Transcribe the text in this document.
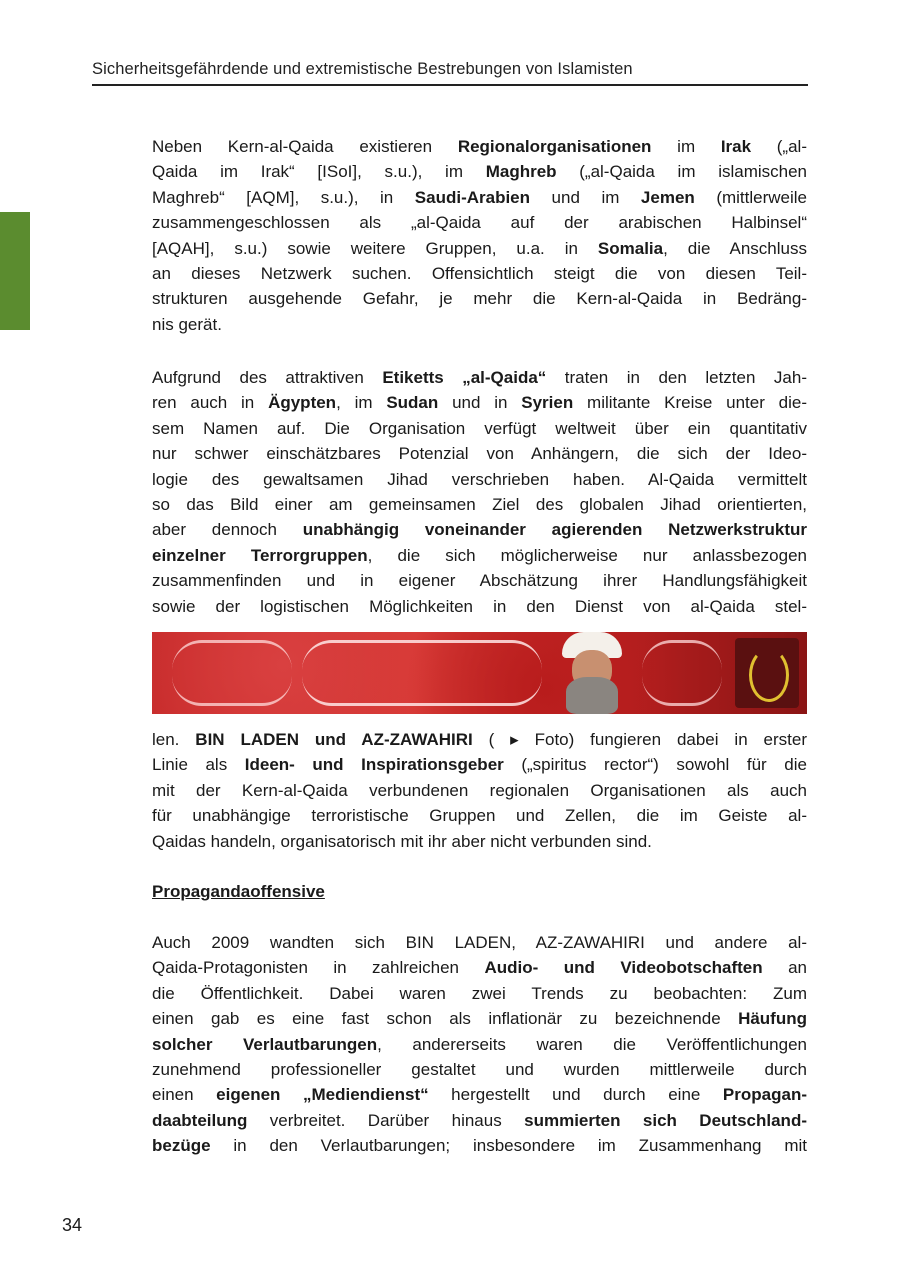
Sicherheitsgefährdende und extremistische Bestrebungen von Islamisten
Neben Kern-al-Qaida existieren Regionalorganisationen im Irak („al-
Qaida im Irak“ [ISoI], s.u.), im Maghreb („al-Qaida im islamischen
Maghreb“ [AQM], s.u.), in Saudi-Arabien und im Jemen (mittlerweile
zusammengeschlossen als „al-Qaida auf der arabischen Halbinsel“
[AQAH], s.u.) sowie weitere Gruppen, u.a. in Somalia, die Anschluss
an dieses Netzwerk suchen. Offensichtlich steigt die von diesen Teil-
strukturen ausgehende Gefahr, je mehr die Kern-al-Qaida in Bedräng-
nis gerät.
Aufgrund des attraktiven Etiketts „al-Qaida“ traten in den letzten Jah-
ren auch in Ägypten, im Sudan und in Syrien militante Kreise unter die-
sem Namen auf. Die Organisation verfügt weltweit über ein quantitativ
nur schwer einschätzbares Potenzial von Anhängern, die sich der Ideo-
logie des gewaltsamen Jihad verschrieben haben. Al-Qaida vermittelt
so das Bild einer am gemeinsamen Ziel des globalen Jihad orientierten,
aber dennoch unabhängig voneinander agierenden Netzwerkstruktur
einzelner Terrorgruppen, die sich möglicherweise nur anlassbezogen
zusammenfinden und in eigener Abschätzung ihrer Handlungsfähigkeit
sowie der logistischen Möglichkeiten in den Dienst von al-Qaida stel-
len. BIN LADEN und AZ-ZAWAHIRI ( ▸ Foto) fungieren dabei in erster
Linie als Ideen- und Inspirationsgeber („spiritus rector“) sowohl für die
mit der Kern-al-Qaida verbundenen regionalen Organisationen als auch
für unabhängige terroristische Gruppen und Zellen, die im Geiste al-
Qaidas handeln, organisatorisch mit ihr aber nicht verbunden sind.
Propagandaoffensive
Auch 2009 wandten sich BIN LADEN, AZ-ZAWAHIRI und andere al-
Qaida-Protagonisten in zahlreichen Audio- und Videobotschaften an
die Öffentlichkeit. Dabei waren zwei Trends zu beobachten: Zum
einen gab es eine fast schon als inflationär zu bezeichnende Häufung
solcher Verlautbarungen, andererseits waren die Veröffentlichungen
zunehmend professioneller gestaltet und wurden mittlerweile durch
einen eigenen „Mediendienst“ hergestellt und durch eine Propagan-
daabteilung verbreitet. Darüber hinaus summierten sich Deutschland-
bezüge in den Verlautbarungen; insbesondere im Zusammenhang mit
34
